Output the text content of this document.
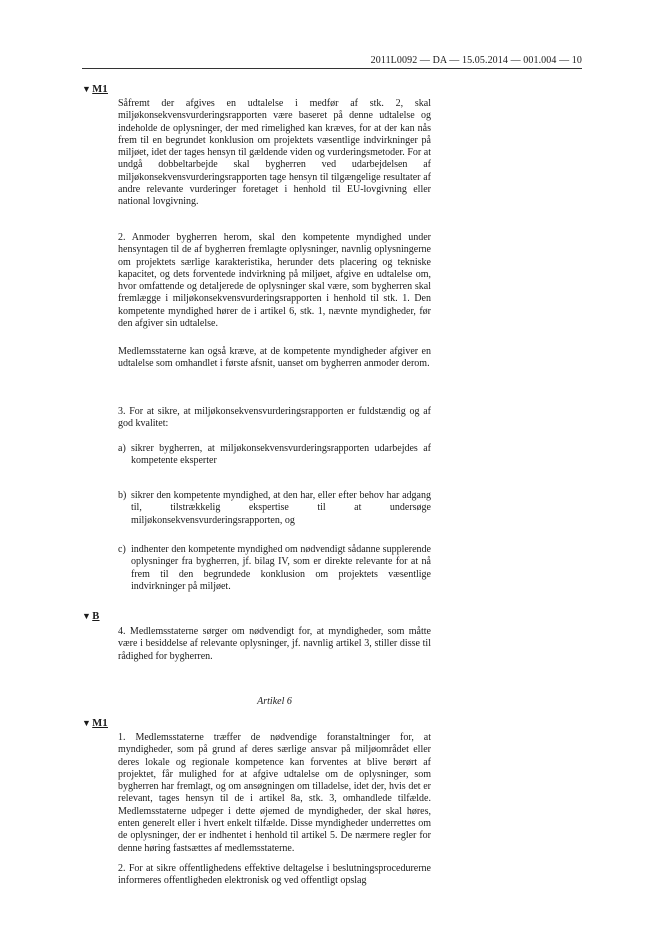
2011L0092 — DA — 15.05.2014 — 001.004 — 10
▼M1
Såfremt der afgives en udtalelse i medfør af stk. 2, skal miljøkonsekvensvurderingsrapporten være baseret på denne udtalelse og indeholde de oplysninger, der med rimelighed kan kræves, for at der kan nås frem til en begrundet konklusion om projektets væsentlige indvirkninger på miljøet, idet der tages hensyn til gældende viden og vurderingsmetoder. For at undgå dobbeltarbejde skal bygherren ved udarbejdelsen af miljøkonsekvensvurderingsrapporten tage hensyn til tilgængelige resultater af andre relevante vurderinger foretaget i henhold til EU-lovgivning eller national lovgivning.
2. Anmoder bygherren herom, skal den kompetente myndighed under hensyntagen til de af bygherren fremlagte oplysninger, navnlig oplysningerne om projektets særlige karakteristika, herunder dets placering og tekniske kapacitet, og dets forventede indvirkning på miljøet, afgive en udtalelse om, hvor omfattende og detaljerede de oplysninger skal være, som bygherren skal fremlægge i miljøkonsekvensvurderingsrapporten i henhold til stk. 1. Den kompetente myndighed hører de i artikel 6, stk. 1, nævnte myndigheder, før den afgiver sin udtalelse.
Medlemsstaterne kan også kræve, at de kompetente myndigheder afgiver en udtalelse som omhandlet i første afsnit, uanset om bygherren anmoder derom.
3. For at sikre, at miljøkonsekvensvurderingsrapporten er fuldstændig og af god kvalitet:
a) sikrer bygherren, at miljøkonsekvensvurderingsrapporten udarbejdes af kompetente eksperter
b) sikrer den kompetente myndighed, at den har, eller efter behov har adgang til, tilstrækkelig ekspertise til at undersøge miljøkonsekvensvurderingsrapporten, og
c) indhenter den kompetente myndighed om nødvendigt sådanne supplerende oplysninger fra bygherren, jf. bilag IV, som er direkte relevante for at nå frem til den begrundede konklusion om projektets væsentlige indvirkninger på miljøet.
▼B
4. Medlemsstaterne sørger om nødvendigt for, at myndigheder, som måtte være i besiddelse af relevante oplysninger, jf. navnlig artikel 3, stiller disse til rådighed for bygherren.
Artikel 6
▼M1
1. Medlemsstaterne træffer de nødvendige foranstaltninger for, at myndigheder, som på grund af deres særlige ansvar på miljøområdet eller deres lokale og regionale kompetence kan forventes at blive berørt af projektet, får mulighed for at afgive udtalelse om de oplysninger, som bygherren har fremlagt, og om ansøgningen om tilladelse, idet der, hvis det er relevant, tages hensyn til de i artikel 8a, stk. 3, omhandlede tilfælde. Medlemsstaterne udpeger i dette øjemed de myndigheder, der skal høres, enten generelt eller i hvert enkelt tilfælde. Disse myndigheder underrettes om de oplysninger, der er indhentet i henhold til artikel 5. De nærmere regler for denne høring fastsættes af medlemsstaterne.
2. For at sikre offentlighedens effektive deltagelse i beslutningsprocedurerne informeres offentligheden elektronisk og ved offentligt opslag
